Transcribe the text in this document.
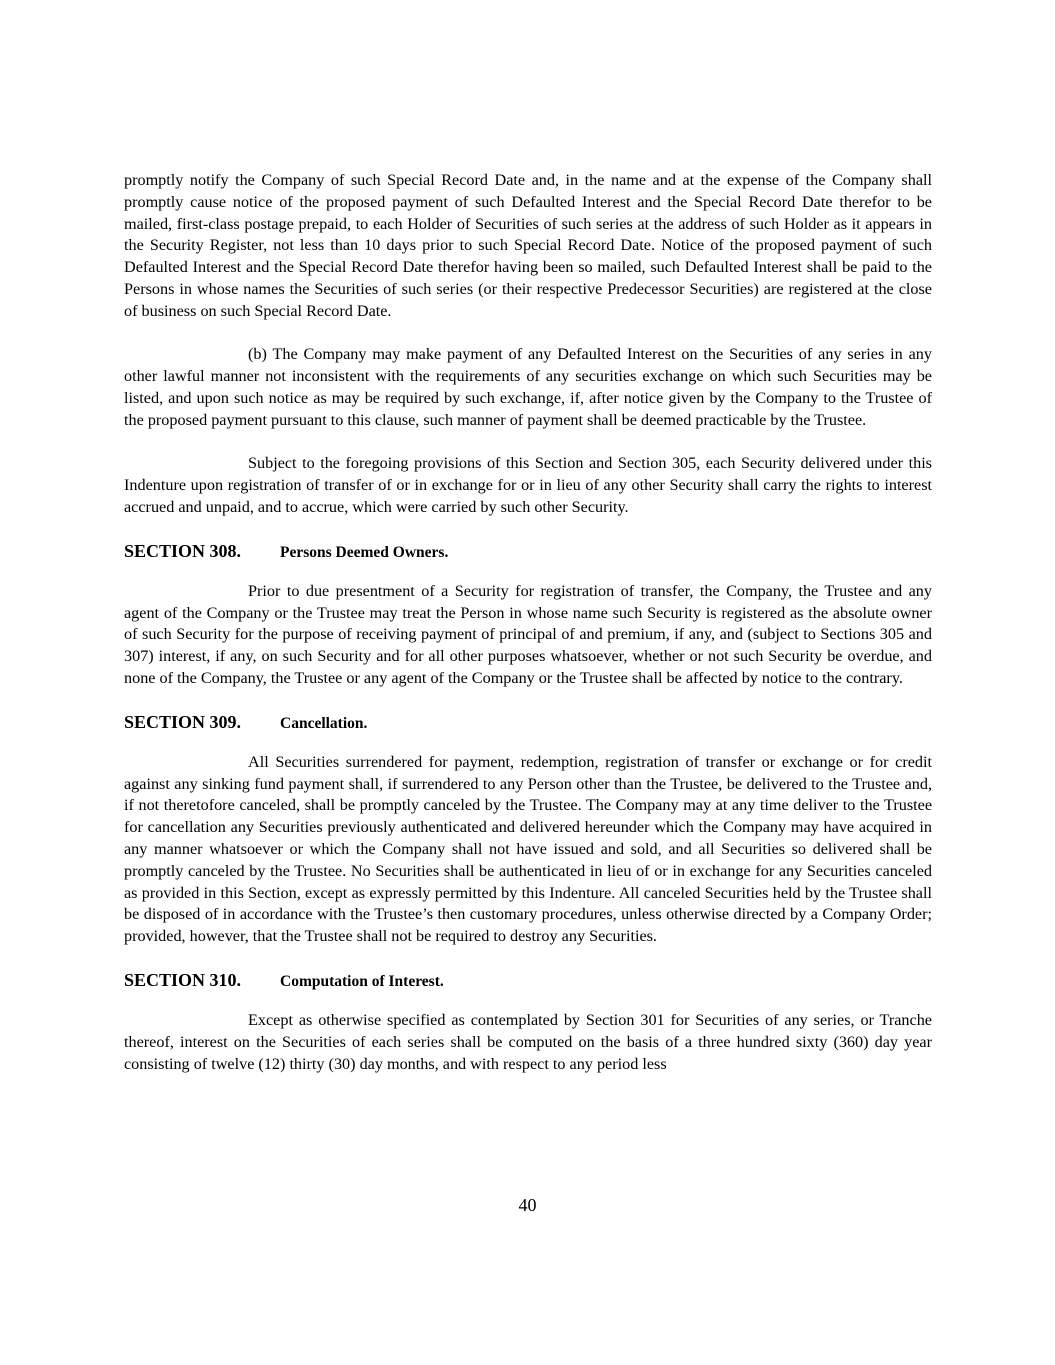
promptly notify the Company of such Special Record Date and, in the name and at the expense of the Company shall promptly cause notice of the proposed payment of such Defaulted Interest and the Special Record Date therefor to be mailed, first-class postage prepaid, to each Holder of Securities of such series at the address of such Holder as it appears in the Security Register, not less than 10 days prior to such Special Record Date. Notice of the proposed payment of such Defaulted Interest and the Special Record Date therefor having been so mailed, such Defaulted Interest shall be paid to the Persons in whose names the Securities of such series (or their respective Predecessor Securities) are registered at the close of business on such Special Record Date.

(b) The Company may make payment of any Defaulted Interest on the Securities of any series in any other lawful manner not inconsistent with the requirements of any securities exchange on which such Securities may be listed, and upon such notice as may be required by such exchange, if, after notice given by the Company to the Trustee of the proposed payment pursuant to this clause, such manner of payment shall be deemed practicable by the Trustee.

Subject to the foregoing provisions of this Section and Section 305, each Security delivered under this Indenture upon registration of transfer of or in exchange for or in lieu of any other Security shall carry the rights to interest accrued and unpaid, and to accrue, which were carried by such other Security.

SECTION 308.	Persons Deemed Owners.

Prior to due presentment of a Security for registration of transfer, the Company, the Trustee and any agent of the Company or the Trustee may treat the Person in whose name such Security is registered as the absolute owner of such Security for the purpose of receiving payment of principal of and premium, if any, and (subject to Sections 305 and 307) interest, if any, on such Security and for all other purposes whatsoever, whether or not such Security be overdue, and none of the Company, the Trustee or any agent of the Company or the Trustee shall be affected by notice to the contrary.

SECTION 309.	Cancellation.

All Securities surrendered for payment, redemption, registration of transfer or exchange or for credit against any sinking fund payment shall, if surrendered to any Person other than the Trustee, be delivered to the Trustee and, if not theretofore canceled, shall be promptly canceled by the Trustee. The Company may at any time deliver to the Trustee for cancellation any Securities previously authenticated and delivered hereunder which the Company may have acquired in any manner whatsoever or which the Company shall not have issued and sold, and all Securities so delivered shall be promptly canceled by the Trustee. No Securities shall be authenticated in lieu of or in exchange for any Securities canceled as provided in this Section, except as expressly permitted by this Indenture. All canceled Securities held by the Trustee shall be disposed of in accordance with the Trustee’s then customary procedures, unless otherwise directed by a Company Order; provided, however, that the Trustee shall not be required to destroy any Securities.

SECTION 310.	Computation of Interest.

Except as otherwise specified as contemplated by Section 301 for Securities of any series, or Tranche thereof, interest on the Securities of each series shall be computed on the basis of a three hundred sixty (360) day year consisting of twelve (12) thirty (30) day months, and with respect to any period less

40
